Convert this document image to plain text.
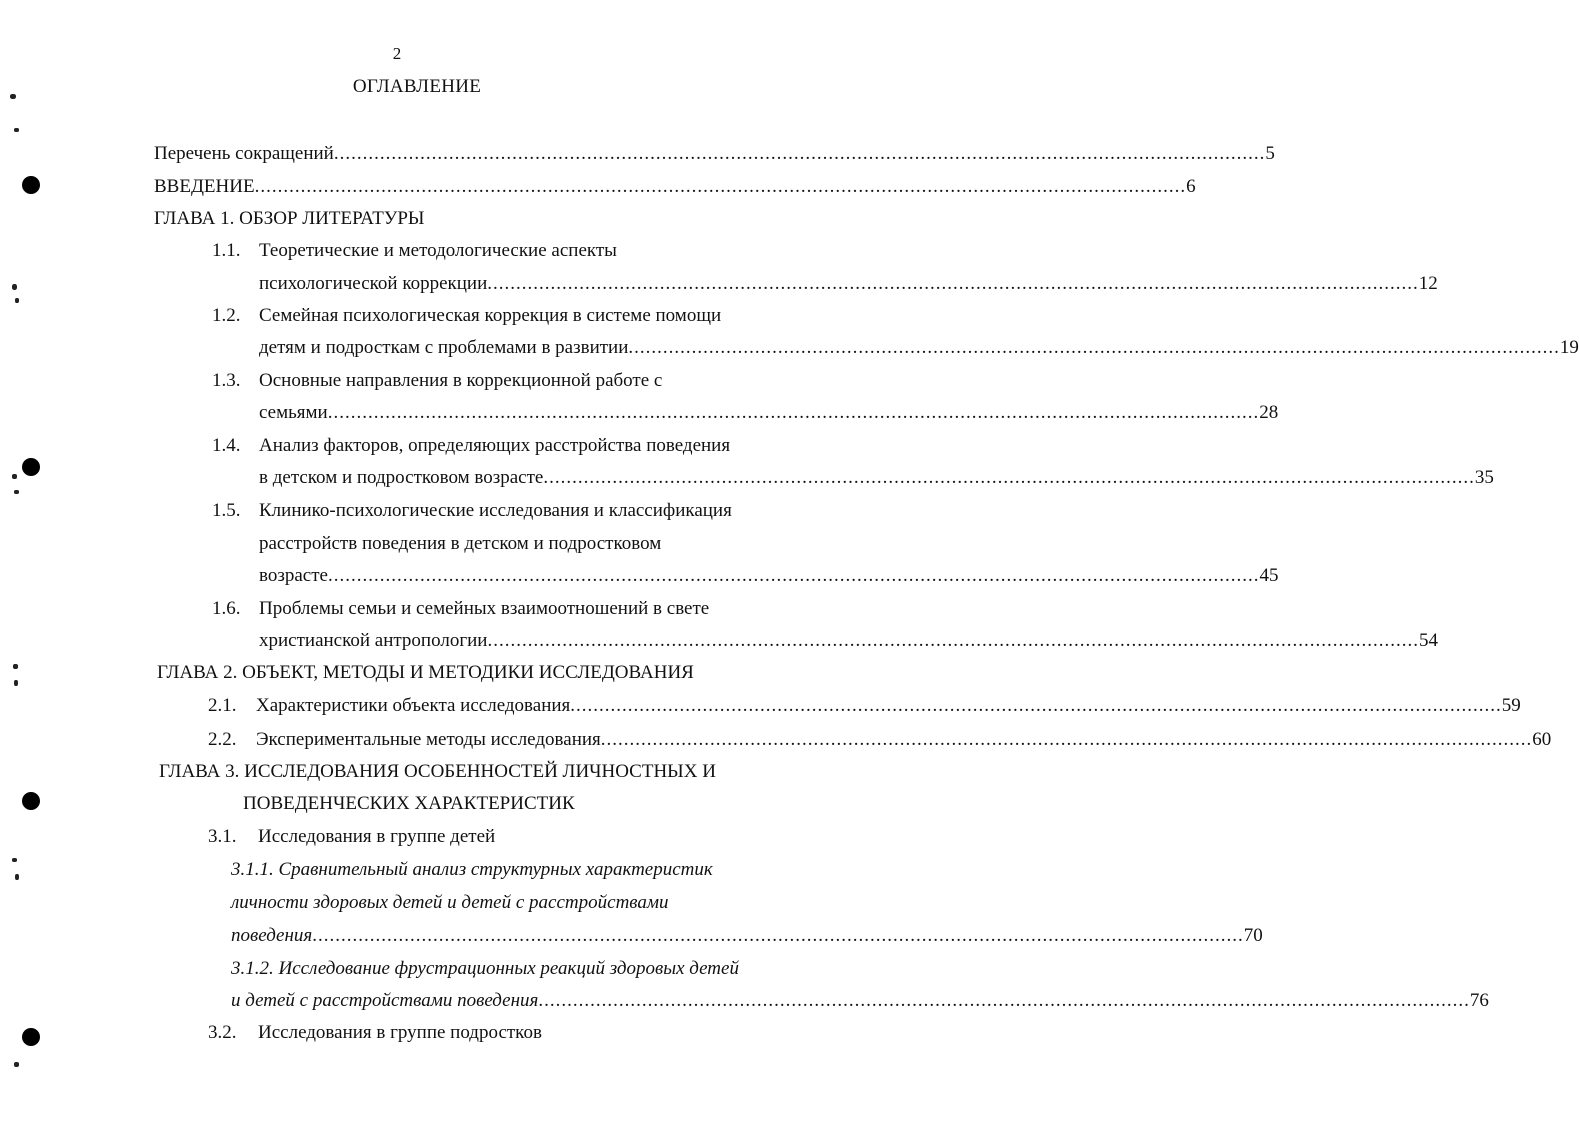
2
ОГЛАВЛЕНИЕ
Перечень сокращений .................................................................................................................................................................. 5
ВВЕДЕНИЕ .................................................................................................................................................................. 6
ГЛАВА 1. ОБЗОР ЛИТЕРАТУРЫ
1.1. Теоретические и методологические аспекты
психологической коррекции .................................................................................................................................................................. 12
1.2. Семейная психологическая коррекция в системе помощи
детям и подросткам с проблемами в развитии .................................................................................................................................................................. 19
1.3. Основные направления в коррекционной работе с
семьями .................................................................................................................................................................. 28
1.4. Анализ факторов, определяющих расстройства поведения
в детском и подростковом возрасте .................................................................................................................................................................. 35
1.5. Клинико-психологические исследования и классификация
расстройств поведения в детском и подростковом
возрасте .................................................................................................................................................................. 45
1.6. Проблемы семьи и семейных взаимоотношений в свете
христианской антропологии .................................................................................................................................................................. 54
ГЛАВА 2. ОБЪЕКТ, МЕТОДЫ И МЕТОДИКИ ИССЛЕДОВАНИЯ
2.1. Характеристики объекта исследования .................................................................................................................................................................. 59
2.2. Экспериментальные методы исследования .................................................................................................................................................................. 60
ГЛАВА 3. ИССЛЕДОВАНИЯ ОСОБЕННОСТЕЙ ЛИЧНОСТНЫХ И
ПОВЕДЕНЧЕСКИХ ХАРАКТЕРИСТИК
3.1. Исследования в группе детей
3.1.1. Сравнительный анализ структурных характеристик
личности здоровых детей и детей с расстройствами
поведения .................................................................................................................................................................. 70
3.1.2. Исследование фрустрационных реакций здоровых детей
и детей с расстройствами поведения .................................................................................................................................................................. 76
3.2. Исследования в группе подростков
